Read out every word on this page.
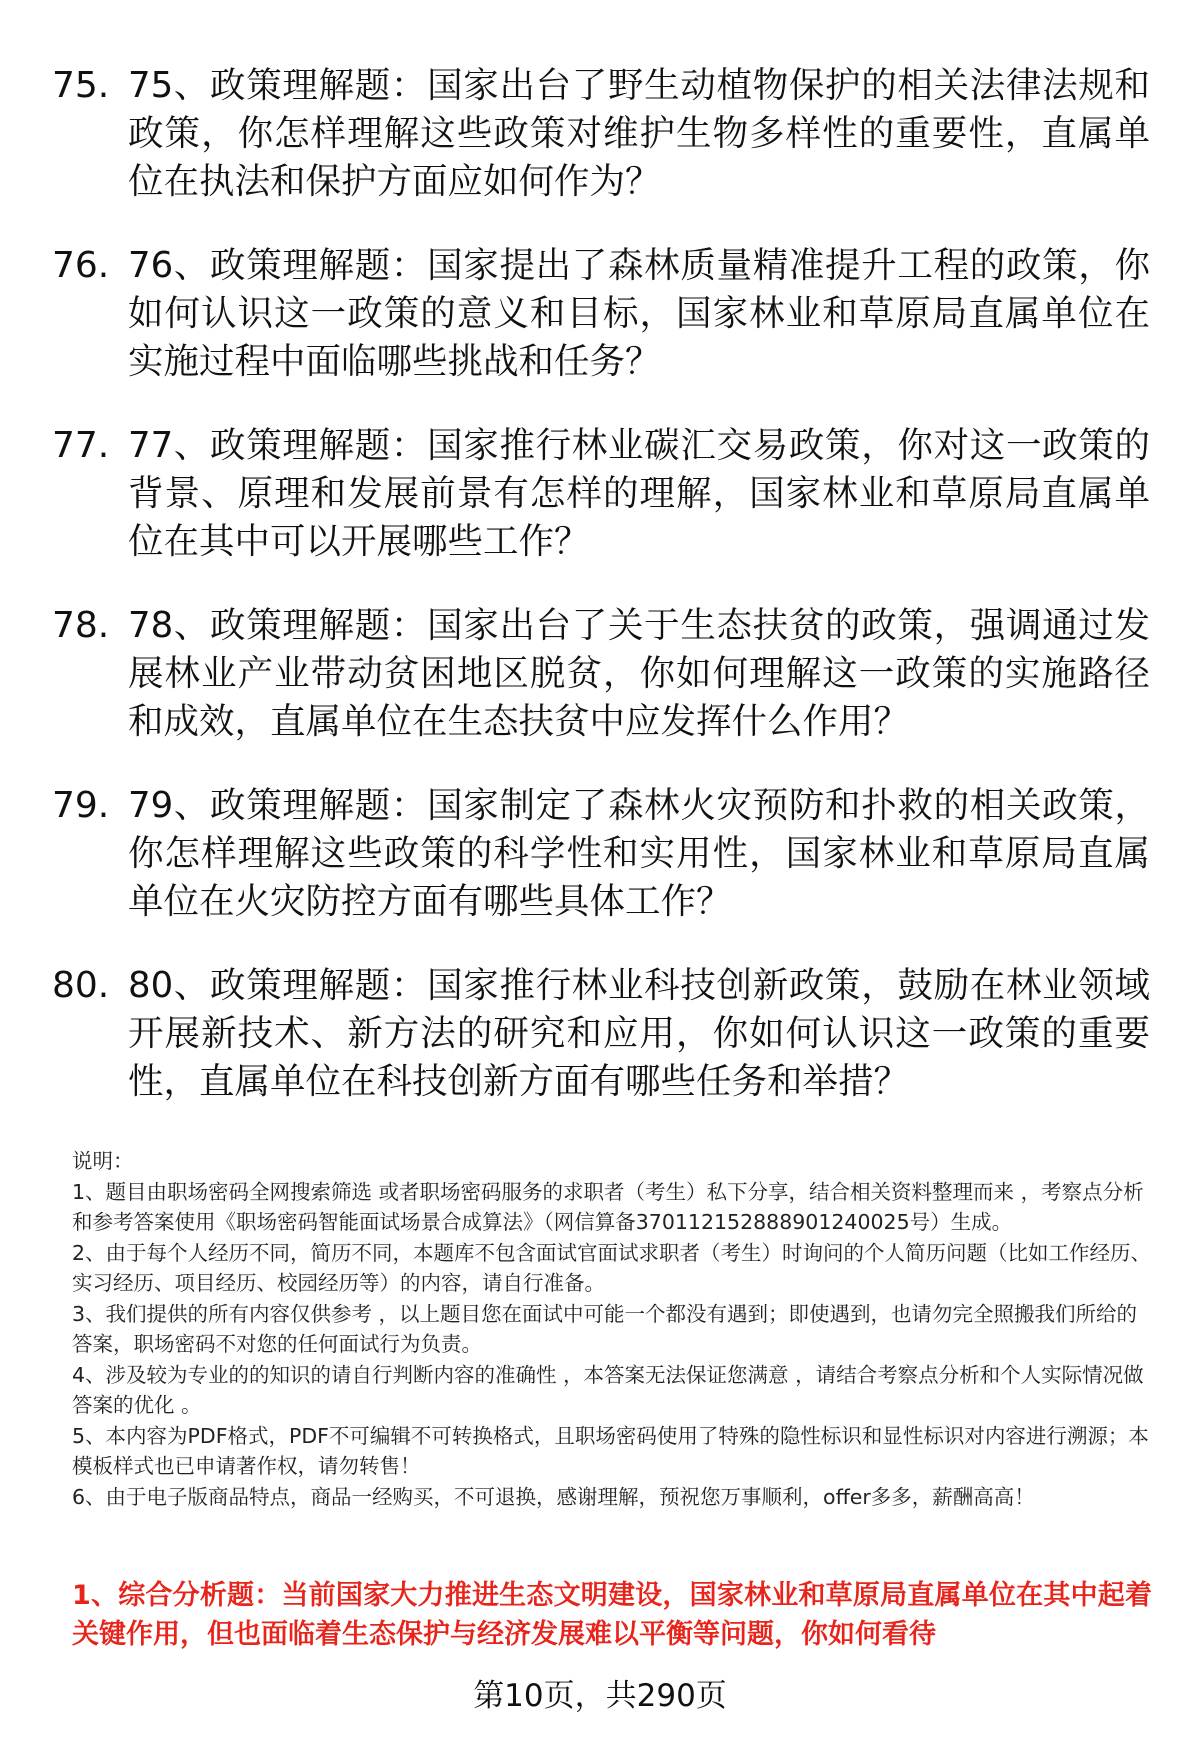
75. 75、政策理解题：国家出台了野生动植物保护的相关法律法规和政策，你怎样理解这些政策对维护生物多样性的重要性，直属单位在执法和保护方面应如何作为？
76. 76、政策理解题：国家提出了森林质量精准提升工程的政策，你如何认识这一政策的意义和目标，国家林业和草原局直属单位在实施过程中面临哪些挑战和任务？
77. 77、政策理解题：国家推行林业碳汇交易政策，你对这一政策的背景、原理和发展前景有怎样的理解，国家林业和草原局直属单位在其中可以开展哪些工作？
78. 78、政策理解题：国家出台了关于生态扶贫的政策，强调通过发展林业产业带动贫困地区脱贫，你如何理解这一政策的实施路径和成效，直属单位在生态扶贫中应发挥什么作用？
79. 79、政策理解题：国家制定了森林火灾预防和扑救的相关政策，你怎样理解这些政策的科学性和实用性，国家林业和草原局直属单位在火灾防控方面有哪些具体工作？
80. 80、政策理解题：国家推行林业科技创新政策，鼓励在林业领域开展新技术、新方法的研究和应用，你如何认识这一政策的重要性，直属单位在科技创新方面有哪些任务和举措？

说明：

1、题目由职场密码全网搜索筛选 或者职场密码服务的求职者（考生）私下分享，结合相关资料整理而来 ，考察点分析和参考答案使用《职场密码智能面试场景合成算法》（网信算备370112152888901240025号）生成。

2、由于每个人经历不同，简历不同，本题库不包含面试官面试求职者（考生）时询问的个人简历问题（比如工作经历、实习经历、项目经历、校园经历等）的内容，请自行准备。

3、我们提供的所有内容仅供参考 ，以上题目您在面试中可能一个都没有遇到；即使遇到，也请勿完全照搬我们所给的答案，职场密码不对您的任何面试行为负责。

4、涉及较为专业的的知识的请自行判断内容的准确性 ，本答案无法保证您满意 ，请结合考察点分析和个人实际情况做答案的优化 。

5、本内容为PDF格式，PDF不可编辑不可转换格式，且职场密码使用了特殊的隐性标识和显性标识对内容进行溯源；本模板样式也已申请著作权，请勿转售！

6、由于电子版商品特点，商品一经购买，不可退换，感谢理解，预祝您万事顺利，offer多多，薪酬高高！

1、综合分析题：当前国家大力推进生态文明建设，国家林业和草原局直属单位在其中起着关键作用，但也面临着生态保护与经济发展难以平衡等问题，你如何看待
第10页，共290页
